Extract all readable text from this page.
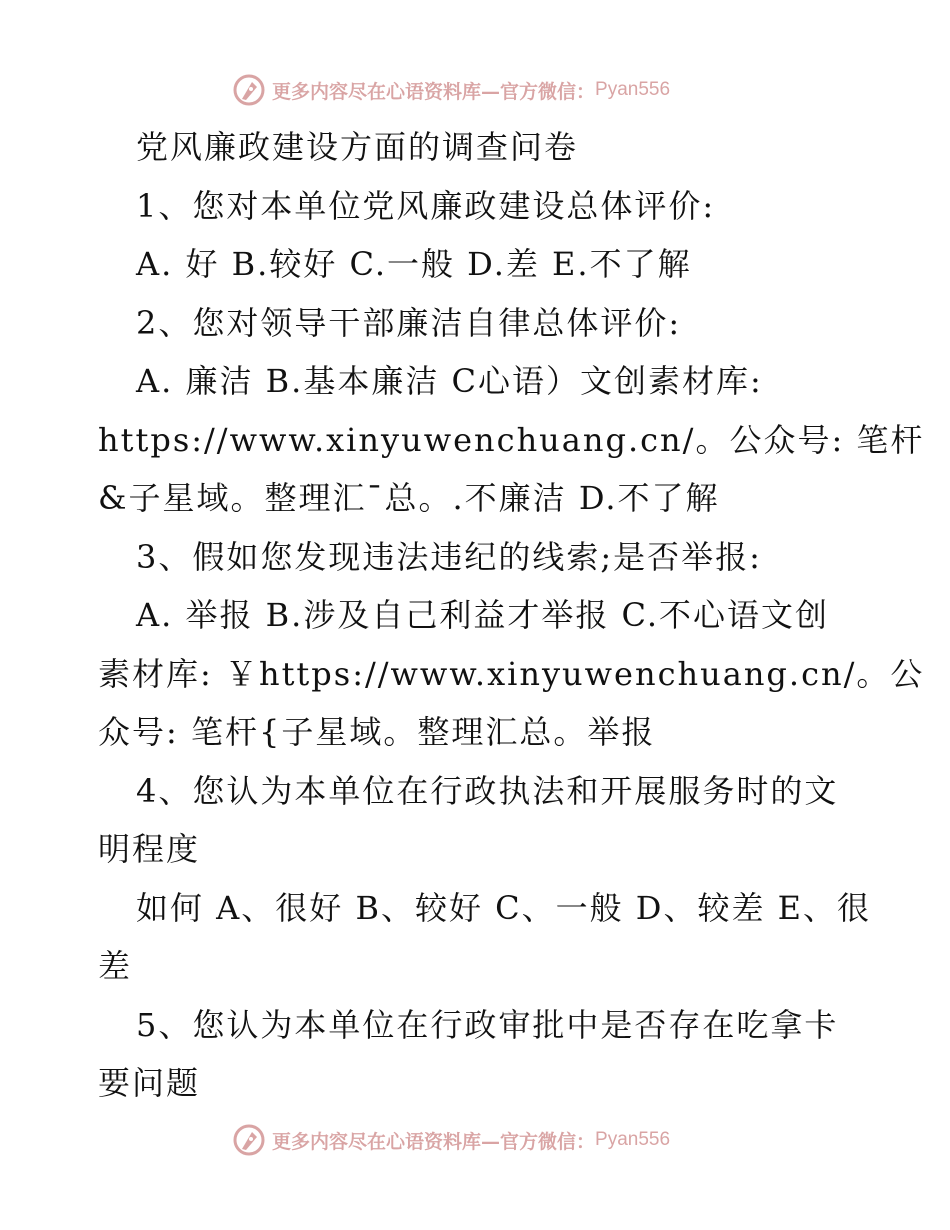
更多内容尽在心语资料库—官方微信： Pyan556
党风廉政建设方面的调查问卷
1、您对本单位党风廉政建设总体评价:
A. 好 B.较好 C.一般 D.差 E.不了解
2、您对领导干部廉洁自律总体评价:
A. 廉洁 B.基本廉洁 C心语）文创素材库:
https://www.xinyuwenchuang.cn/。公众号: 笔杆
&子星域。整理汇¯总。.不廉洁 D.不了解
3、假如您发现违法违纪的线索;是否举报:
A. 举报 B.涉及自己利益才举报 C.不心语文创
素材库: ￥https://www.xinyuwenchuang.cn/。公
众号: 笔杆{子星域。整理汇总。举报
4、您认为本单位在行政执法和开展服务时的文
明程度
如何 A、很好 B、较好 C、一般 D、较差 E、很
差
5、您认为本单位在行政审批中是否存在吃拿卡
要问题
更多内容尽在心语资料库—官方微信： Pyan556
